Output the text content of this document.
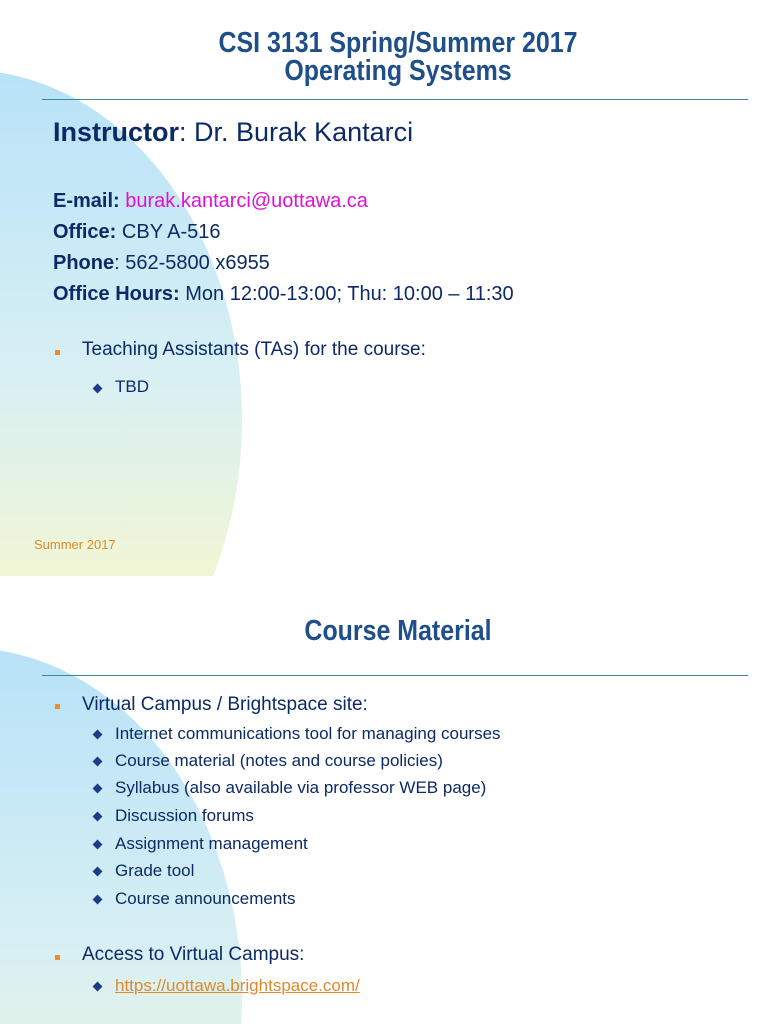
CSI 3131 Spring/Summer 2017
Operating Systems
Instructor: Dr. Burak Kantarci
E-mail: burak.kantarci@uottawa.ca
Office: CBY A-516
Phone: 562-5800 x6955
Office Hours: Mon 12:00-13:00; Thu: 10:00 – 11:30
Teaching Assistants (TAs) for the course:
TBD
Summer 2017
Course Material
Virtual Campus / Brightspace site:
Internet communications tool for managing courses
Course material (notes and course policies)
Syllabus (also available via professor WEB page)
Discussion forums
Assignment management
Grade tool
Course announcements
Access to Virtual Campus:
https://uottawa.brightspace.com/
